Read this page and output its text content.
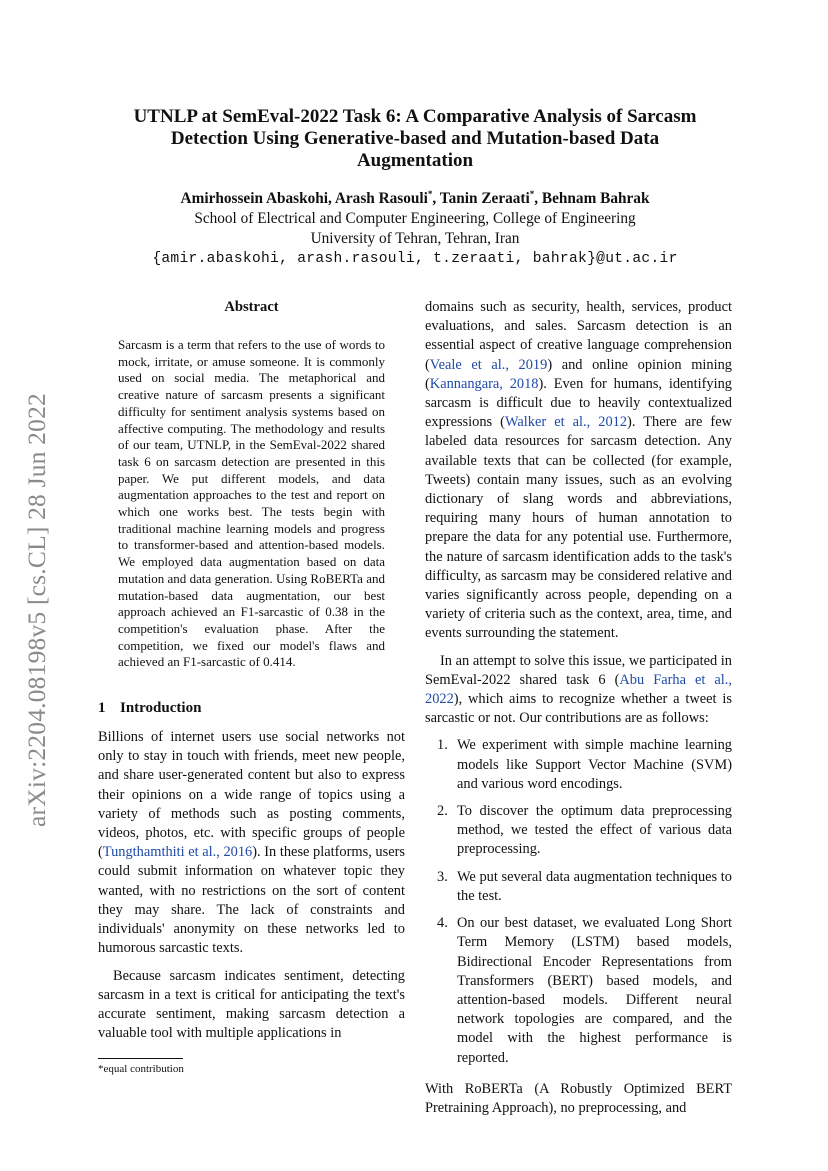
arXiv:2204.08198v5 [cs.CL] 28 Jun 2022
UTNLP at SemEval-2022 Task 6: A Comparative Analysis of Sarcasm
Detection Using Generative-based and Mutation-based Data
Augmentation
Amirhossein Abaskohi, Arash Rasouli*, Tanin Zeraati*, Behnam Bahrak
School of Electrical and Computer Engineering, College of Engineering
University of Tehran, Tehran, Iran
{amir.abaskohi, arash.rasouli, t.zeraati, bahrak}@ut.ac.ir
Abstract
Sarcasm is a term that refers to the use of words to mock, irritate, or amuse someone. It is commonly used on social media. The metaphorical and creative nature of sarcasm presents a significant difficulty for sentiment analysis systems based on affective computing. The methodology and results of our team, UTNLP, in the SemEval-2022 shared task 6 on sarcasm detection are presented in this paper. We put different models, and data augmentation approaches to the test and report on which one works best. The tests begin with traditional machine learning models and progress to transformer-based and attention-based models. We employed data augmentation based on data mutation and data generation. Using RoBERTa and mutation-based data augmentation, our best approach achieved an F1-sarcastic of 0.38 in the competition's evaluation phase. After the competition, we fixed our model's flaws and achieved an F1-sarcastic of 0.414.
1 Introduction

Billions of internet users use social networks not only to stay in touch with friends, meet new people, and share user-generated content but also to express their opinions on a wide range of topics using a variety of methods such as posting comments, videos, photos, etc. with specific groups of people (Tungthamthiti et al., 2016). In these platforms, users could submit information on whatever topic they wanted, with no restrictions on the sort of content they may share. The lack of constraints and individuals' anonymity on these networks led to humorous sarcastic texts.

Because sarcasm indicates sentiment, detecting sarcasm in a text is critical for anticipating the text's accurate sentiment, making sarcasm detection a valuable tool with multiple applications in

domains such as security, health, services, product evaluations, and sales. Sarcasm detection is an essential aspect of creative language comprehension (Veale et al., 2019) and online opinion mining (Kannangara, 2018). Even for humans, identifying sarcasm is difficult due to heavily contextualized expressions (Walker et al., 2012). There are few labeled data resources for sarcasm detection. Any available texts that can be collected (for example, Tweets) contain many issues, such as an evolving dictionary of slang words and abbreviations, requiring many hours of human annotation to prepare the data for any potential use. Furthermore, the nature of sarcasm identification adds to the task's difficulty, as sarcasm may be considered relative and varies significantly across people, depending on a variety of criteria such as the context, area, time, and events surrounding the statement.

In an attempt to solve this issue, we participated in SemEval-2022 shared task 6 (Abu Farha et al., 2022), which aims to recognize whether a tweet is sarcastic or not. Our contributions are as follows:

1. We experiment with simple machine learning models like Support Vector Machine (SVM) and various word encodings.
2. To discover the optimum data preprocessing method, we tested the effect of various data preprocessing.
3. We put several data augmentation techniques to the test.
4. On our best dataset, we evaluated Long Short Term Memory (LSTM) based models, Bidirectional Encoder Representations from Transformers (BERT) based models, and attention-based models. Different neural network topologies are compared, and the model with the highest performance is reported.

With RoBERTa (A Robustly Optimized BERT Pretraining Approach), no preprocessing, and

*equal contribution
